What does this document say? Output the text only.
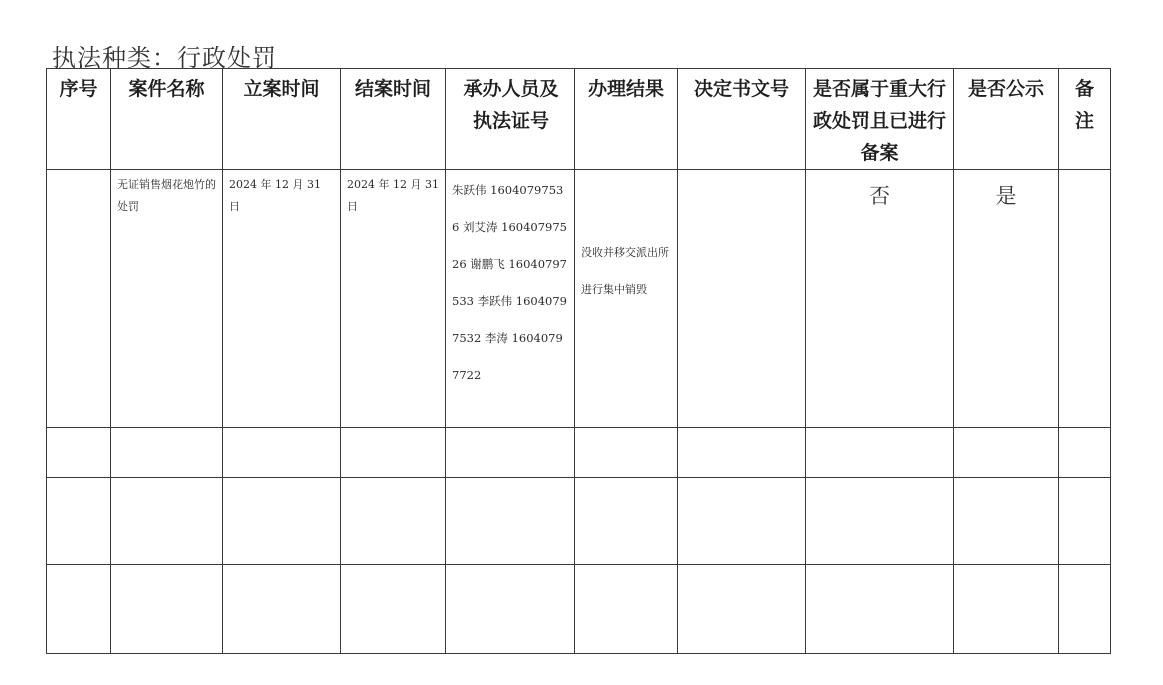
执法种类：行政处罚
序号	案件名称	立案时间	结案时间	承办人员及执法证号	办理结果	决定书文号	是否属于重大行政处罚且已进行备案	是否公示	备注

	无证销售烟花炮竹的处罚	2024 年 12 月 31 日	2024 年 12 月 31 日	朱跃伟 16040797536 刘艾涛 16040797526 谢鹏飞 16040797533 李跃伟 16040797532 李涛 16040797722	没收并移交派出所进行集中销毁		否	是	
